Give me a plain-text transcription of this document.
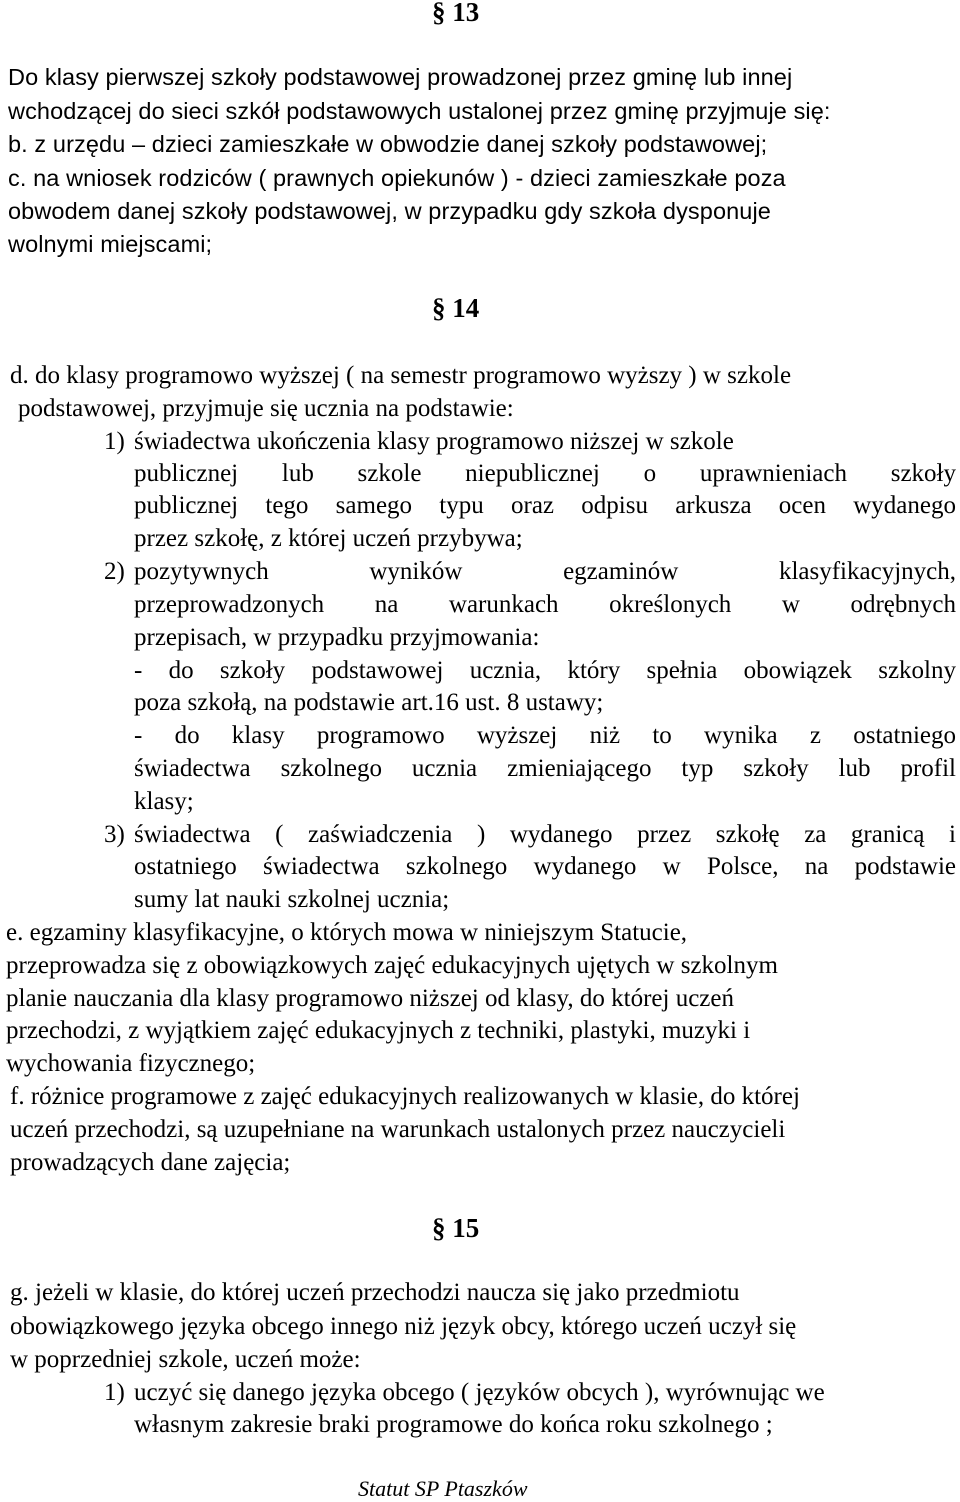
§ 13
Do klasy pierwszej szkoły podstawowej prowadzonej przez gminę lub innej
wchodzącej do sieci szkół podstawowych ustalonej przez gminę przyjmuje się:
b. z urzędu – dzieci zamieszkałe w obwodzie danej szkoły podstawowej;
c. na wniosek rodziców ( prawnych opiekunów ) - dzieci zamieszkałe poza
obwodem danej szkoły podstawowej, w przypadku gdy szkoła dysponuje
wolnymi miejscami;
§ 14
d. do klasy programowo wyższej ( na semestr programowo wyższy ) w szkole
podstawowej, przyjmuje się ucznia na podstawie:
1) świadectwa ukończenia klasy programowo niższej w szkole
publicznej lub szkole niepublicznej o uprawnieniach szkoły
publicznej tego samego typu oraz odpisu arkusza ocen wydanego
przez szkołę, z której uczeń przybywa;
2) pozytywnych wyników egzaminów klasyfikacyjnych,
przeprowadzonych na warunkach określonych w odrębnych
przepisach, w przypadku przyjmowania:
- do szkoły podstawowej ucznia, który spełnia obowiązek szkolny
poza szkołą, na podstawie art.16 ust. 8 ustawy;
- do klasy programowo wyższej niż to wynika z ostatniego
świadectwa szkolnego ucznia zmieniającego typ szkoły lub profil
klasy;
3) świadectwa ( zaświadczenia ) wydanego przez szkołę za granicą i
ostatniego świadectwa szkolnego wydanego w Polsce, na podstawie
sumy lat nauki szkolnej ucznia;
e. egzaminy klasyfikacyjne, o których mowa w niniejszym Statucie,
przeprowadza się z obowiązkowych zajęć edukacyjnych ujętych w szkolnym
planie nauczania dla klasy programowo niższej od klasy, do której uczeń
przechodzi, z wyjątkiem zajęć edukacyjnych z techniki, plastyki, muzyki i
wychowania fizycznego;
f. różnice programowe z zajęć edukacyjnych realizowanych w klasie, do której
uczeń przechodzi, są uzupełniane na warunkach ustalonych przez nauczycieli
prowadzących dane zajęcia;
§ 15
g. jeżeli w klasie, do której uczeń przechodzi naucza się jako przedmiotu
obowiązkowego języka obcego innego niż język obcy, którego uczeń uczył się
w poprzedniej szkole, uczeń może:
1) uczyć się danego języka obcego ( języków obcych ), wyrównując we
własnym zakresie braki programowe do końca roku szkolnego ;
Statut SP Ptaszków
